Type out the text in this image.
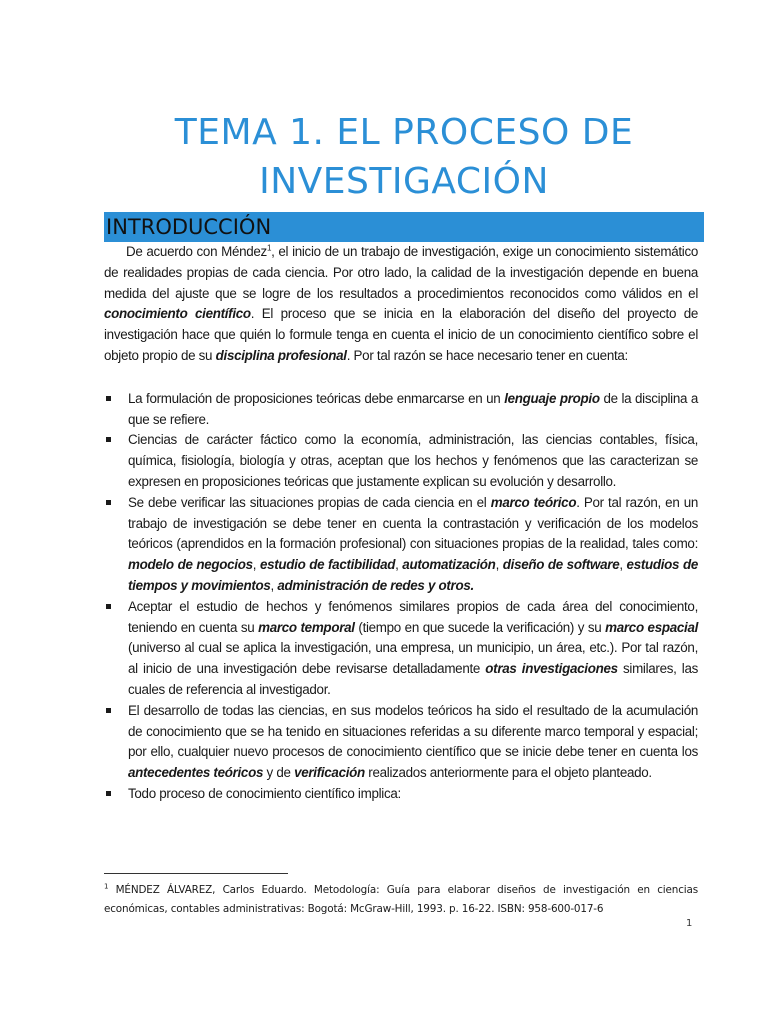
TEMA 1. EL PROCESO DE
INVESTIGACIÓN
INTRODUCCIÓN

De acuerdo con Méndez$^1$, el inicio de un trabajo de investigación, exige un conocimiento sistemático de realidades propias de cada ciencia. Por otro lado, la calidad de la investigación depende en buena medida del ajuste que se logre de los resultados a procedimientos reconocidos como válidos en el conocimiento científico. El proceso que se inicia en la elaboración del diseño del proyecto de investigación hace que quién lo formule tenga en cuenta el inicio de un conocimiento científico sobre el objeto propio de su disciplina profesional. Por tal razón se hace necesario tener en cuenta:

La formulación de proposiciones teóricas debe enmarcarse en un lenguaje propio de la disciplina a que se refiere.
Ciencias de carácter fáctico como la economía, administración, las ciencias contables, física, química, fisiología, biología y otras, aceptan que los hechos y fenómenos que las caracterizan se expresen en proposiciones teóricas que justamente explican su evolución y desarrollo.
Se debe verificar las situaciones propias de cada ciencia en el marco teórico. Por tal razón, en un trabajo de investigación se debe tener en cuenta la contrastación y verificación de los modelos teóricos (aprendidos en la formación profesional) con situaciones propias de la realidad, tales como: modelo de negocios, estudio de factibilidad, automatización, diseño de software, estudios de tiempos y movimientos, administración de redes y otros.
Aceptar el estudio de hechos y fenómenos similares propios de cada área del conocimiento, teniendo en cuenta su marco temporal (tiempo en que sucede la verificación) y su marco espacial (universo al cual se aplica la investigación, una empresa, un municipio, un área, etc.). Por tal razón, al inicio de una investigación debe revisarse detalladamente otras investigaciones similares, las cuales de referencia al investigador.
El desarrollo de todas las ciencias, en sus modelos teóricos ha sido el resultado de la acumulación de conocimiento que se ha tenido en situaciones referidas a su diferente marco temporal y espacial; por ello, cualquier nuevo procesos de conocimiento científico que se inicie debe tener en cuenta los antecedentes teóricos y de verificación realizados anteriormente para el objeto planteado.
Todo proceso de conocimiento científico implica:
$^1$ MÉNDEZ ÁLVAREZ, Carlos Eduardo. Metodología: Guía para elaborar diseños de investigación en ciencias económicas, contables administrativas: Bogotá: McGraw-Hill, 1993. p. 16-22. ISBN: 958-600-017-6
1
